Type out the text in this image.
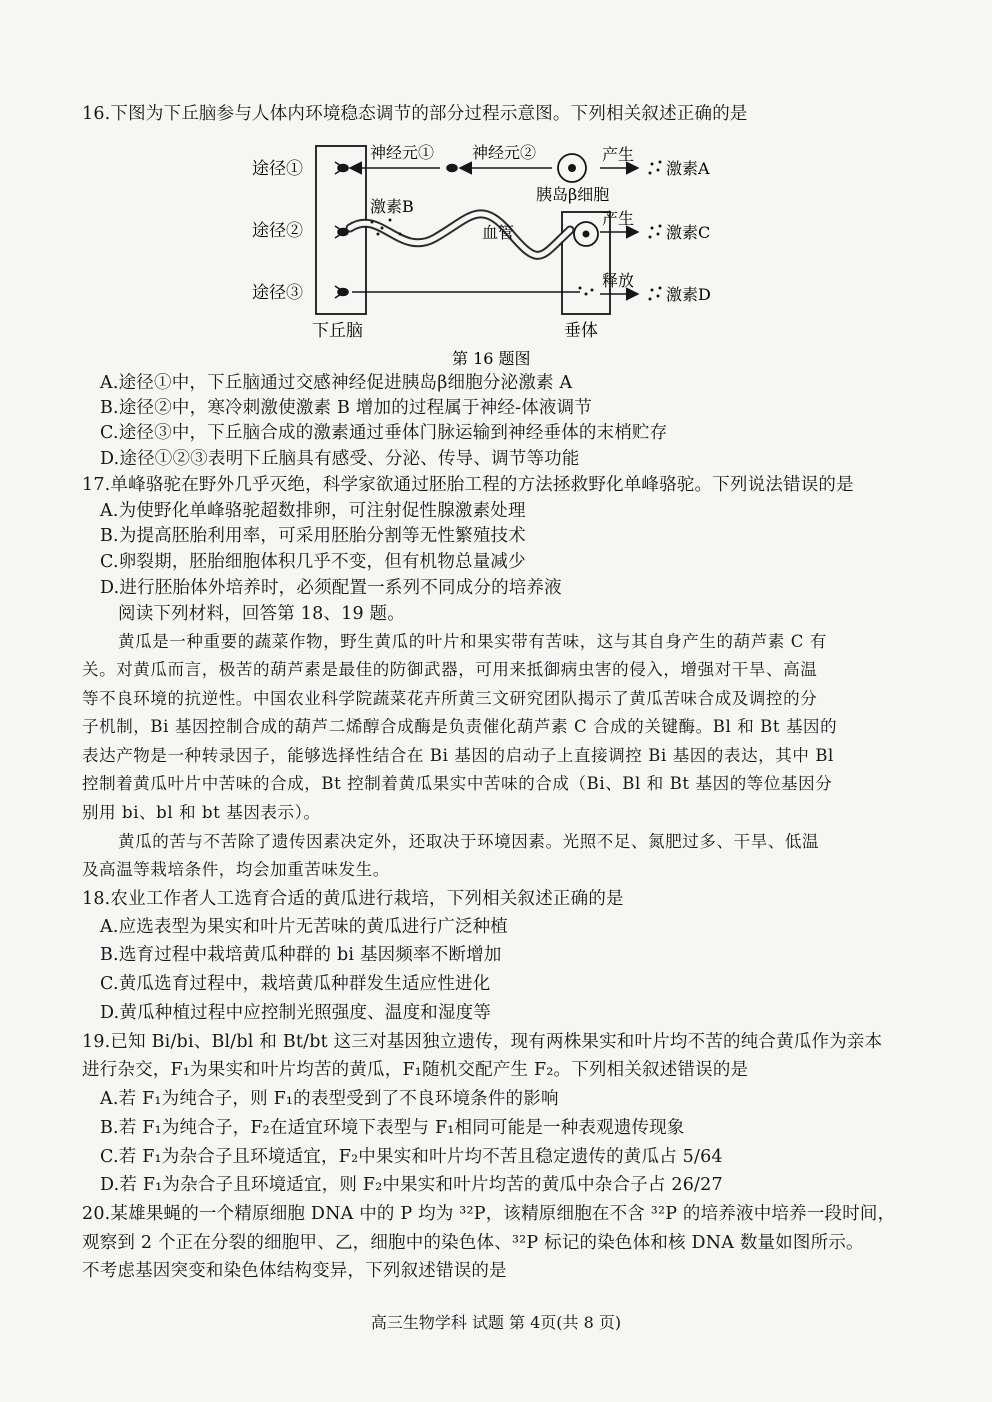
16.下图为下丘脑参与人体内环境稳态调节的部分过程示意图。下列相关叙述正确的是
途径①
途径②
途径③
神经元① 神经元②	产生
激素A
胰岛β细胞
激素B
血管
产生
激素C
释放
激素D
下丘脑	垂体
第 16 题图
A.途径①中，下丘脑通过交感神经促进胰岛β细胞分泌激素 A
B.途径②中，寒冷刺激使激素 B 增加的过程属于神经-体液调节
C.途径③中，下丘脑合成的激素通过垂体门脉运输到神经垂体的末梢贮存
D.途径①②③表明下丘脑具有感受、分泌、传导、调节等功能
17.单峰骆驼在野外几乎灭绝，科学家欲通过胚胎工程的方法拯救野化单峰骆驼。下列说法错误的是
A.为使野化单峰骆驼超数排卵，可注射促性腺激素处理
B.为提高胚胎利用率，可采用胚胎分割等无性繁殖技术
C.卵裂期，胚胎细胞体积几乎不变，但有机物总量减少
D.进行胚胎体外培养时，必须配置一系列不同成分的培养液
阅读下列材料，回答第 18、19 题。
黄瓜是一种重要的蔬菜作物，野生黄瓜的叶片和果实带有苦味，这与其自身产生的葫芦素 C 有
关。对黄瓜而言，极苦的葫芦素是最佳的防御武器，可用来抵御病虫害的侵入，增强对干旱、高温
等不良环境的抗逆性。中国农业科学院蔬菜花卉所黄三文研究团队揭示了黄瓜苦味合成及调控的分
子机制，Bi 基因控制合成的葫芦二烯醇合成酶是负责催化葫芦素 C 合成的关键酶。Bl 和 Bt 基因的
表达产物是一种转录因子，能够选择性结合在 Bi 基因的启动子上直接调控 Bi 基因的表达，其中 Bl
控制着黄瓜叶片中苦味的合成，Bt 控制着黄瓜果实中苦味的合成（Bi、Bl 和 Bt 基因的等位基因分
别用 bi、bl 和 bt 基因表示）。
黄瓜的苦与不苦除了遗传因素决定外，还取决于环境因素。光照不足、氮肥过多、干旱、低温
及高温等栽培条件，均会加重苦味发生。
18.农业工作者人工选育合适的黄瓜进行栽培，下列相关叙述正确的是
A.应选表型为果实和叶片无苦味的黄瓜进行广泛种植
B.选育过程中栽培黄瓜种群的 bi 基因频率不断增加
C.黄瓜选育过程中，栽培黄瓜种群发生适应性进化
D.黄瓜种植过程中应控制光照强度、温度和湿度等
19.已知 Bi/bi、Bl/bl 和 Bt/bt 这三对基因独立遗传，现有两株果实和叶片均不苦的纯合黄瓜作为亲本
进行杂交，F₁为果实和叶片均苦的黄瓜，F₁随机交配产生 F₂。下列相关叙述错误的是
A.若 F₁为纯合子，则 F₁的表型受到了不良环境条件的影响
B.若 F₁为纯合子，F₂在适宜环境下表型与 F₁相同可能是一种表观遗传现象
C.若 F₁为杂合子且环境适宜，F₂中果实和叶片均不苦且稳定遗传的黄瓜占 5/64
D.若 F₁为杂合子且环境适宜，则 F₂中果实和叶片均苦的黄瓜中杂合子占 26/27
20.某雄果蝇的一个精原细胞 DNA 中的 P 均为 ³²P，该精原细胞在不含 ³²P 的培养液中培养一段时间，
观察到 2 个正在分裂的细胞甲、乙，细胞中的染色体、³²P 标记的染色体和核 DNA 数量如图所示。
不考虑基因突变和染色体结构变异，下列叙述错误的是
高三生物学科 试题 第 4页(共 8 页)
